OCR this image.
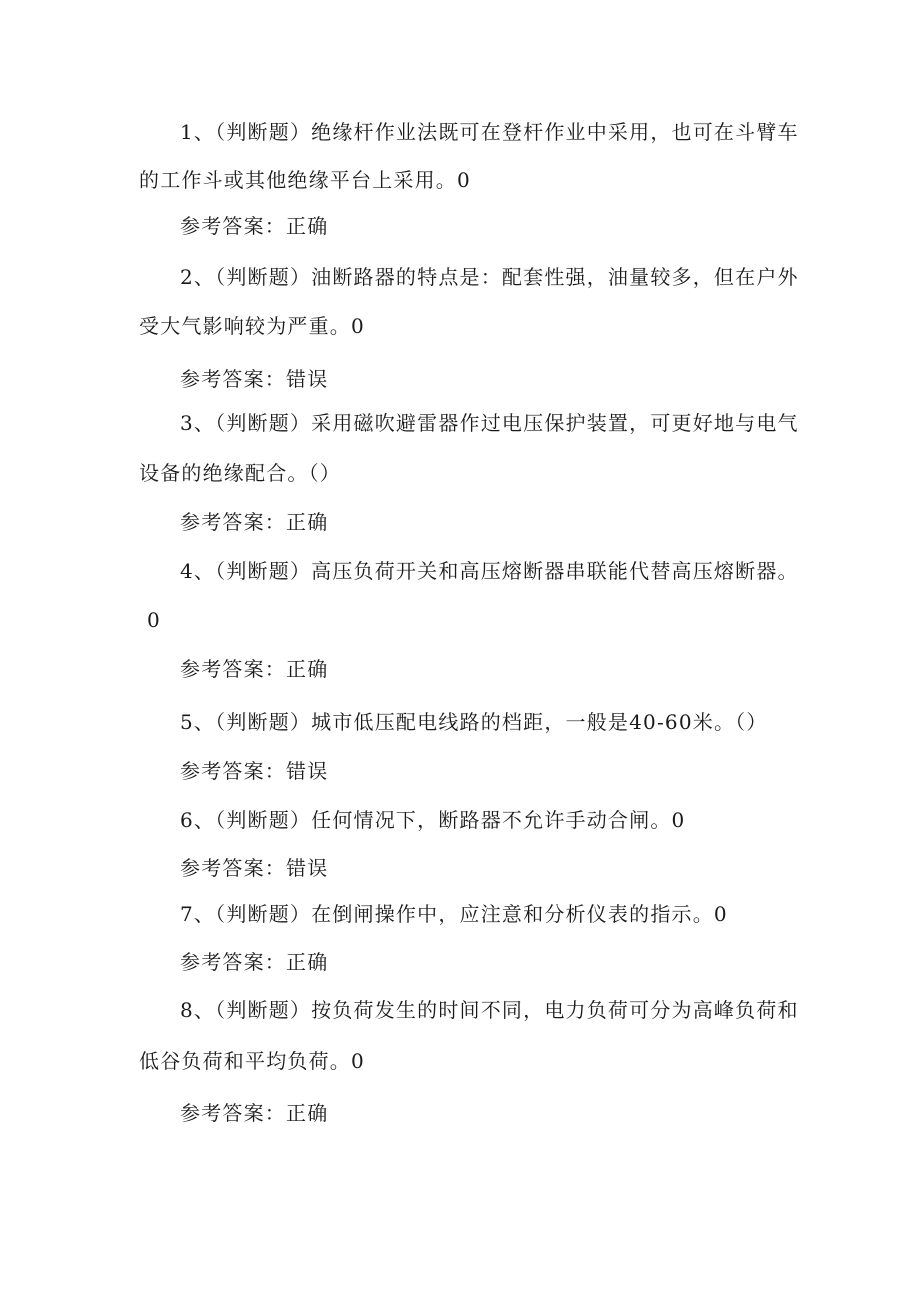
1、（判断题）绝缘杆作业法既可在登杆作业中采用，也可在斗臂车
的工作斗或其他绝缘平台上采用。0
参考答案：正确
2、（判断题）油断路器的特点是：配套性强，油量较多，但在户外
受大气影响较为严重。0
参考答案：错误
3、（判断题）采用磁吹避雷器作过电压保护装置，可更好地与电气
设备的绝缘配合。（）
参考答案：正确
4、（判断题）高压负荷开关和高压熔断器串联能代替高压熔断器。
0
参考答案：正确
5、（判断题）城市低压配电线路的档距，一般是40-60米。（）
参考答案：错误
6、（判断题）任何情况下，断路器不允许手动合闸。0
参考答案：错误
7、（判断题）在倒闸操作中，应注意和分析仪表的指示。0
参考答案：正确
8、（判断题）按负荷发生的时间不同，电力负荷可分为高峰负荷和
低谷负荷和平均负荷。0
参考答案：正确
